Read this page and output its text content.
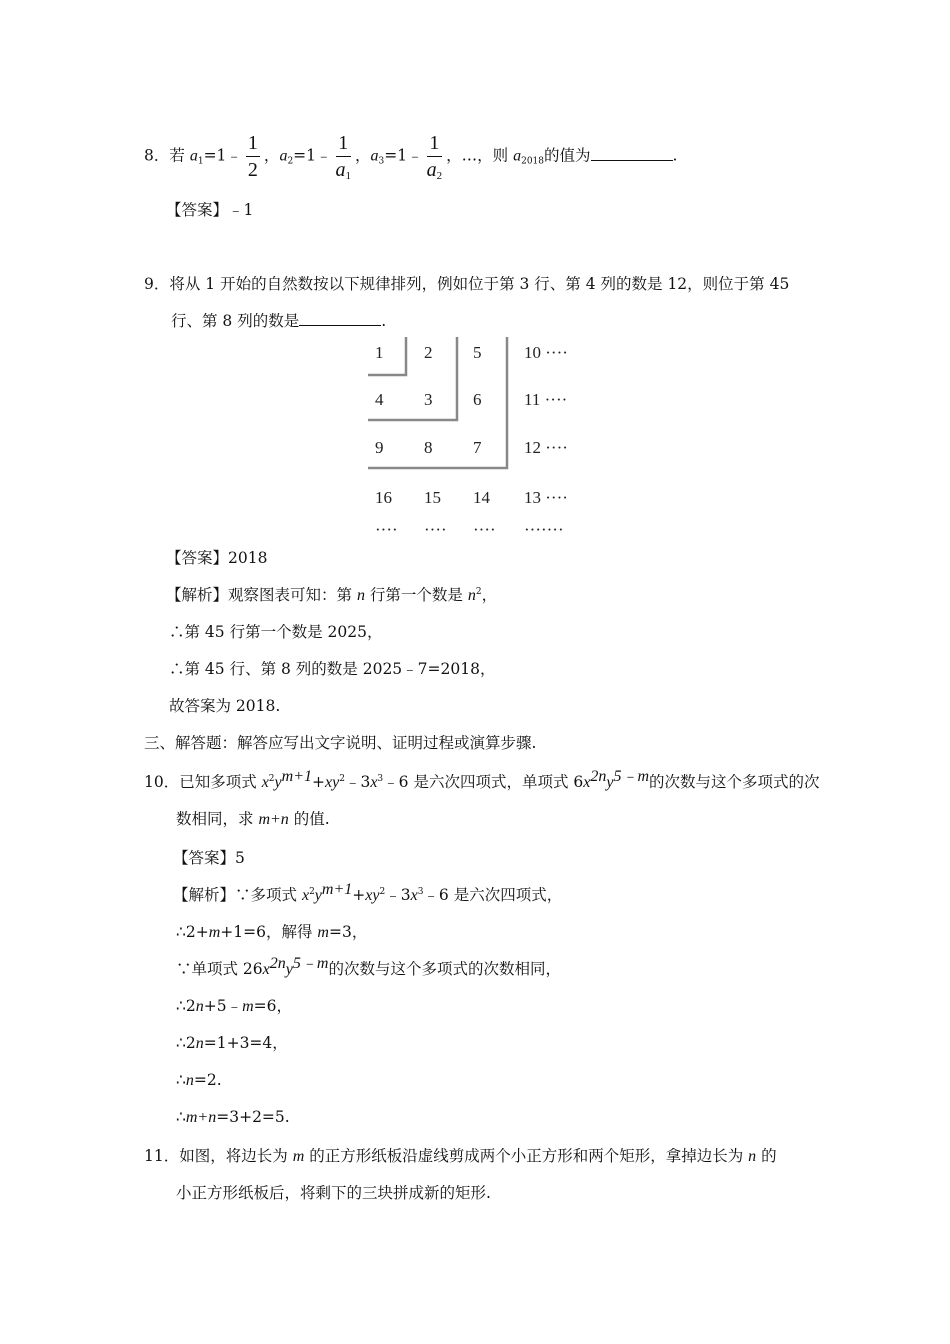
8．若 $a_1=1﹣ \frac{1}{2}$ ，$a_2=1﹣ \frac{1}{a_1}$ ，$a_3=1﹣ \frac{1}{a_2}$ ，…，则 $a_{2018}$的值为	.
【答案】﹣1
9．将从 1 开始的自然数按以下规律排列，例如位于第 3 行、第 4 列的数是 12，则位于第 45
行、第 8 列的数是	.
1 2 5	10 ····
4 3 6	11 ····
9 8 7	12 ····
16 15 14 13 ····
···· ···· ···· ·······
【答案】2018
【解析】观察图表可知：第 n 行第一个数是 $n^2$，
∴第 45 行第一个数是 2025，
∴第 45 行、第 8 列的数是 2025﹣7=2018，
故答案为 2018.
三、解答题：解答应写出文字说明、证明过程或演算步骤.
10．已知多项式 $x^2y^{m+1}+xy^2﹣3x^3﹣6$ 是六次四项式，单项式 $6x^{2n}y^{5﹣m}$的次数与这个多项式的次
数相同，求 m+n 的值.
【答案】5
【解析】∵多项式 $x^2y^{m+1}+xy^2﹣3x^3﹣6$ 是六次四项式，
∴2+m+1=6，解得 m=3，
∵单项式 $26x^{2n}y^{5﹣m}$的次数与这个多项式的次数相同，
∴2n+5﹣m=6，
∴2n=1+3=4，
∴n=2.
∴m+n=3+2=5.
11．如图，将边长为 m 的正方形纸板沿虚线剪成两个小正方形和两个矩形，拿掉边长为 n 的
小正方形纸板后，将剩下的三块拼成新的矩形.
